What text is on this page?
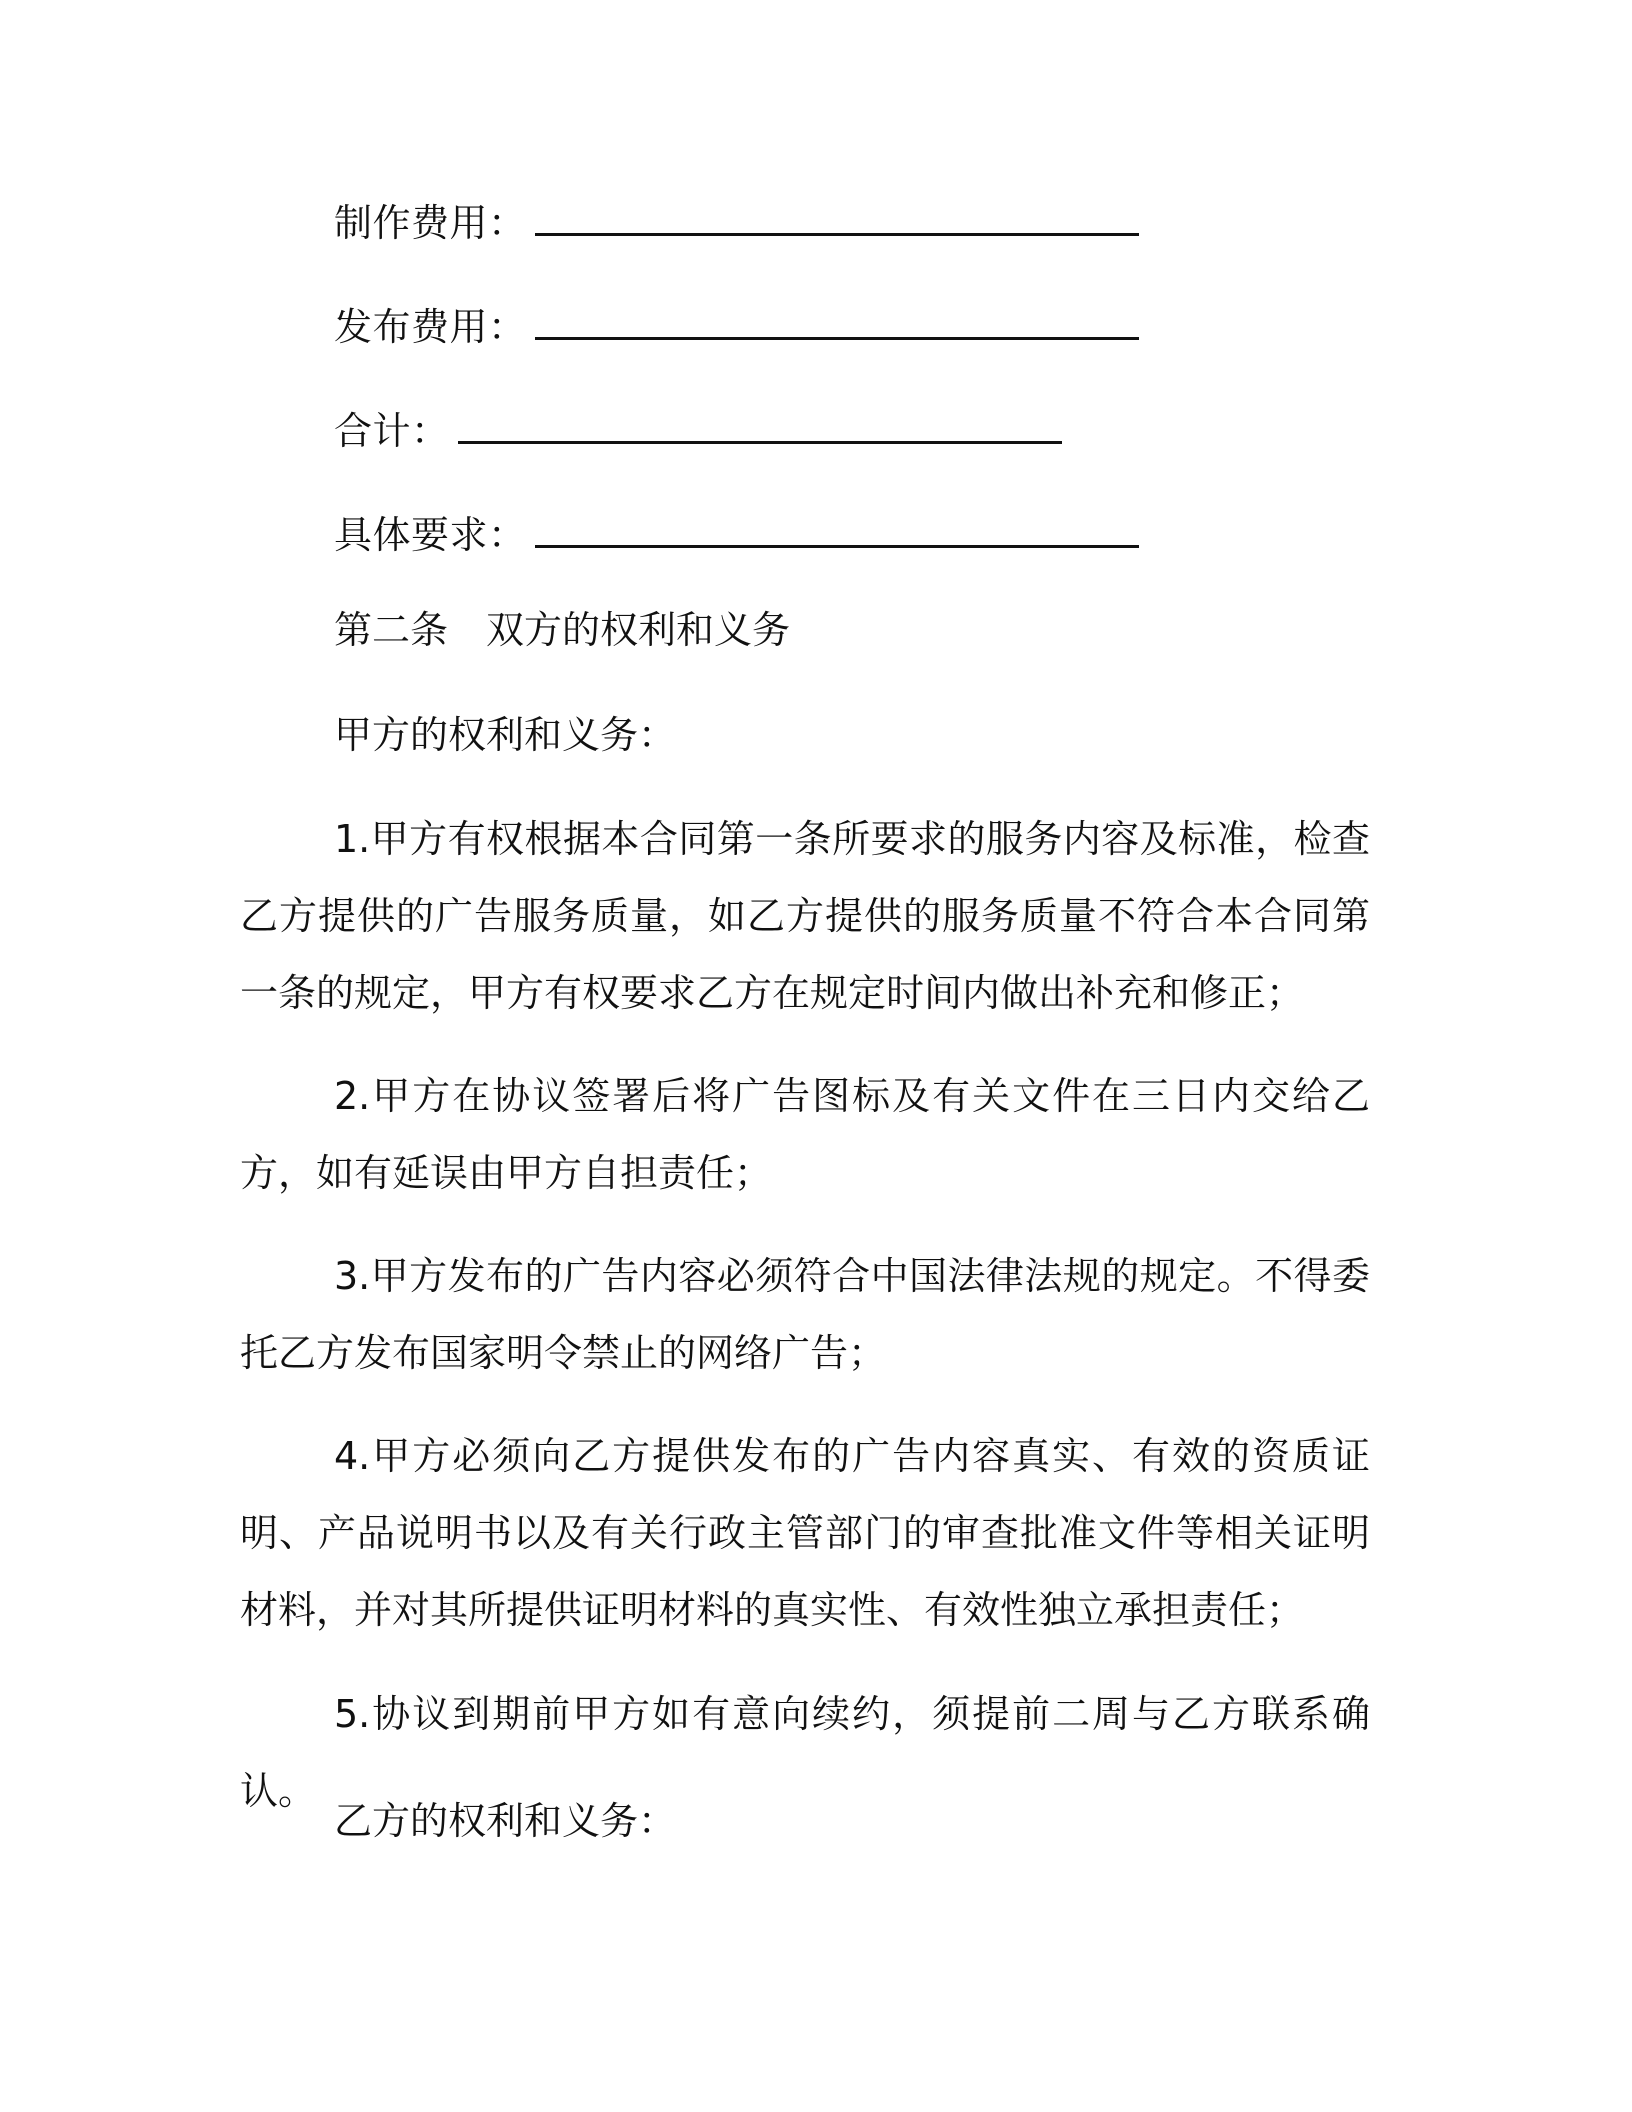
制作费用：
发布费用：
合计：
具体要求：
第二条　双方的权利和义务
甲方的权利和义务：

1.甲方有权根据本合同第一条所要求的服务内容及标准，检查乙方提供的广告服务质量，如乙方提供的服务质量不符合本合同第一条的规定，甲方有权要求乙方在规定时间内做出补充和修正；

2.甲方在协议签署后将广告图标及有关文件在三日内交给乙方，如有延误由甲方自担责任；

3.甲方发布的广告内容必须符合中国法律法规的规定。不得委托乙方发布国家明令禁止的网络广告；

4.甲方必须向乙方提供发布的广告内容真实、有效的资质证明、产品说明书以及有关行政主管部门的审查批准文件等相关证明材料，并对其所提供证明材料的真实性、有效性独立承担责任；

5.协议到期前甲方如有意向续约，须提前二周与乙方联系确认。

乙方的权利和义务：
